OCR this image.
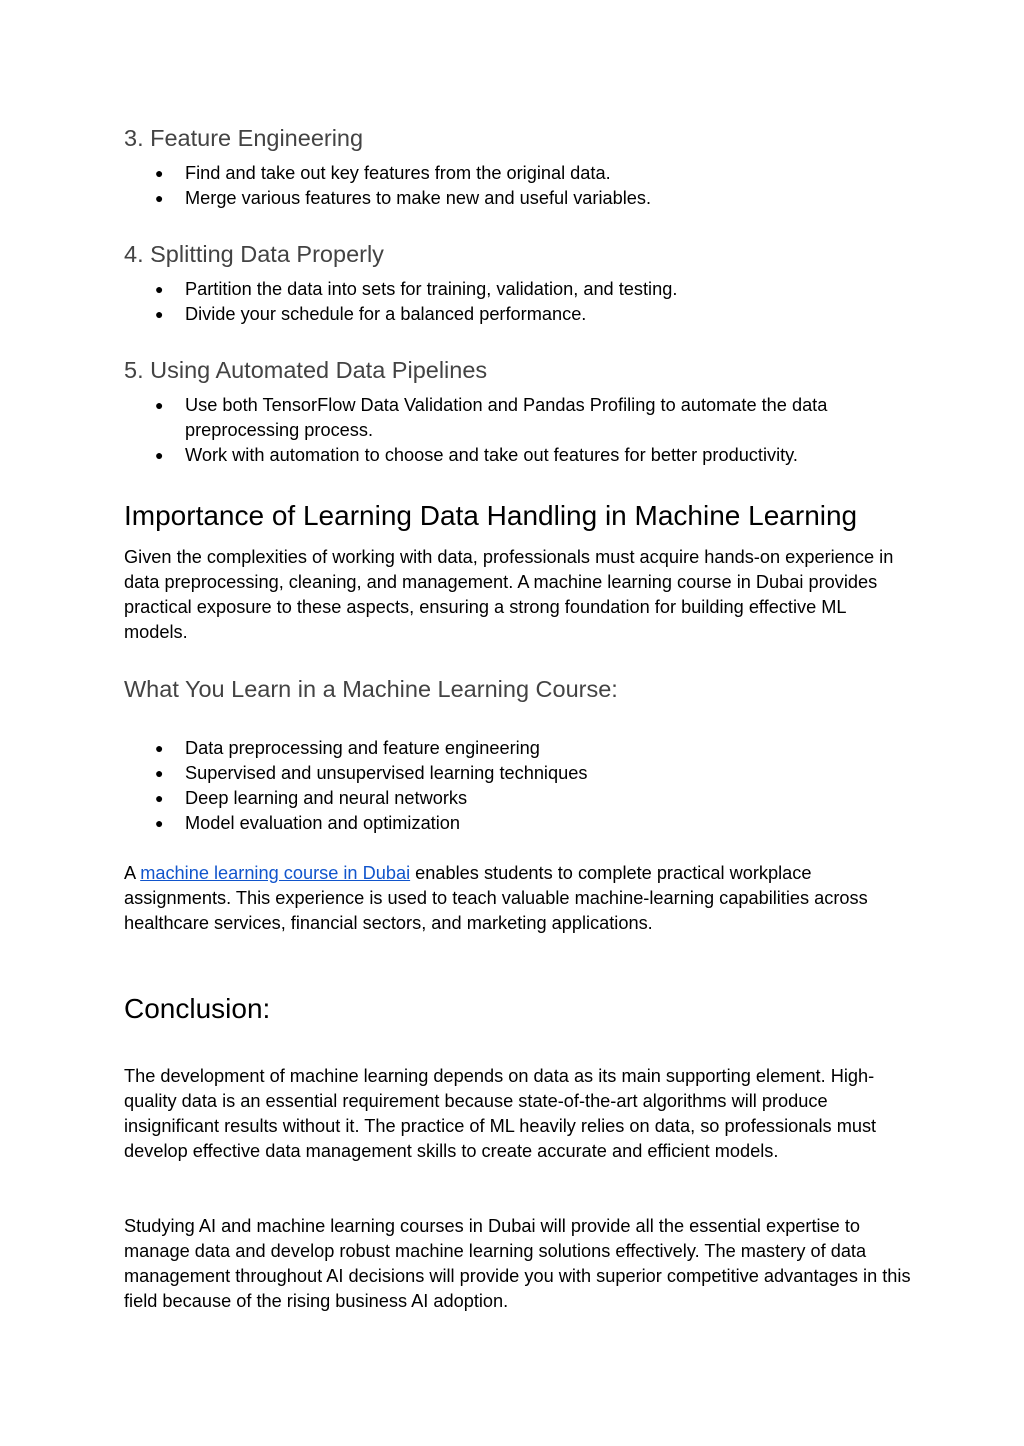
3. Feature Engineering
● Find and take out key features from the original data.
● Merge various features to make new and useful variables.
4. Splitting Data Properly
● Partition the data into sets for training, validation, and testing.
● Divide your schedule for a balanced performance.
5. Using Automated Data Pipelines
● Use both TensorFlow Data Validation and Pandas Profiling to automate the data preprocessing process.
● Work with automation to choose and take out features for better productivity.
Importance of Learning Data Handling in Machine Learning
Given the complexities of working with data, professionals must acquire hands-on experience in data preprocessing, cleaning, and management. A machine learning course in Dubai provides practical exposure to these aspects, ensuring a strong foundation for building effective ML models.
What You Learn in a Machine Learning Course:
● Data preprocessing and feature engineering
● Supervised and unsupervised learning techniques
● Deep learning and neural networks
● Model evaluation and optimization
A machine learning course in Dubai enables students to complete practical workplace assignments. This experience is used to teach valuable machine-learning capabilities across healthcare services, financial sectors, and marketing applications.
Conclusion:
The development of machine learning depends on data as its main supporting element. High-quality data is an essential requirement because state-of-the-art algorithms will produce insignificant results without it. The practice of ML heavily relies on data, so professionals must develop effective data management skills to create accurate and efficient models.
Studying AI and machine learning courses in Dubai will provide all the essential expertise to manage data and develop robust machine learning solutions effectively. The mastery of data management throughout AI decisions will provide you with superior competitive advantages in this field because of the rising business AI adoption.
